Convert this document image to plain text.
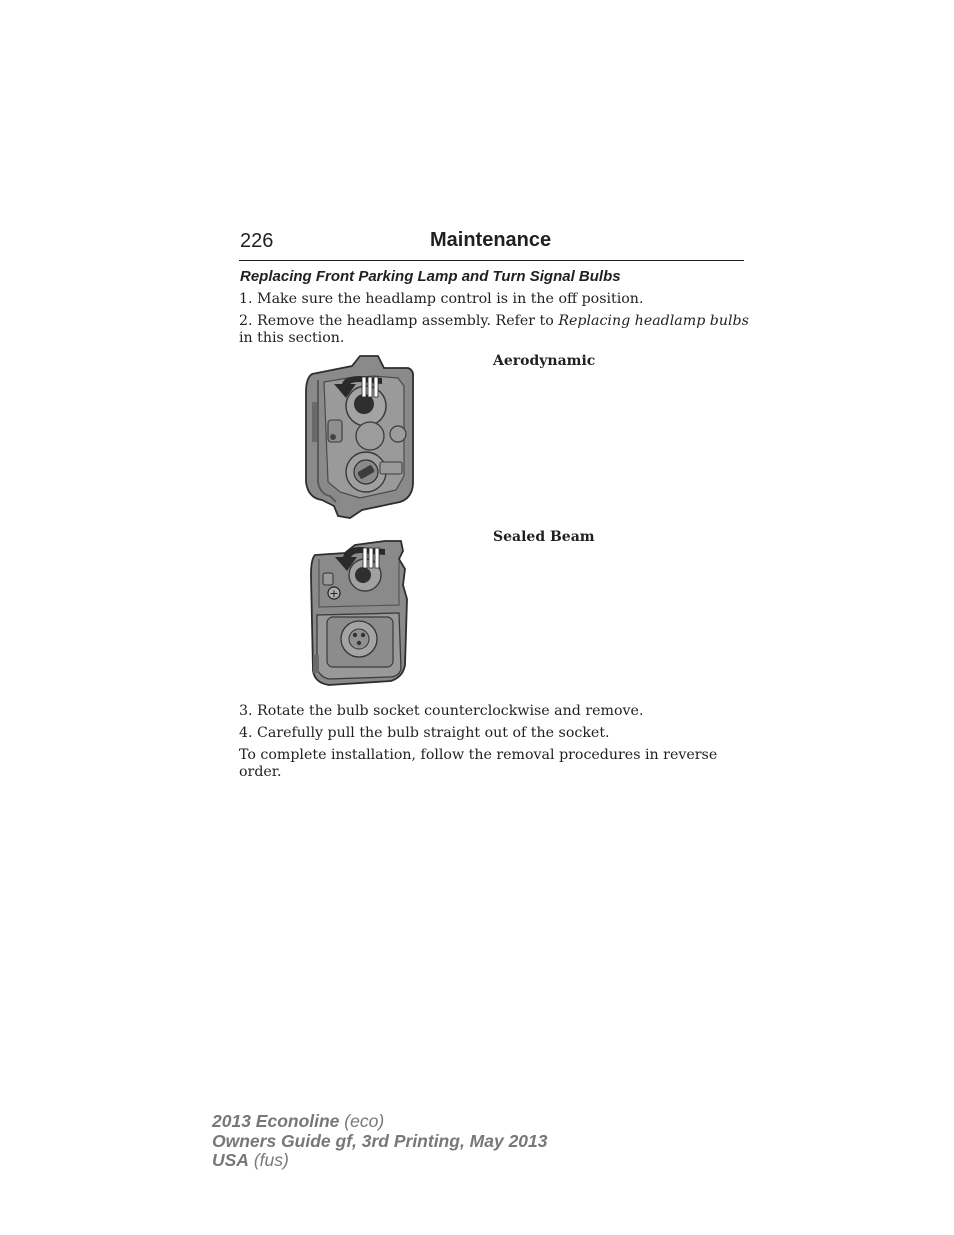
226	Maintenance
Replacing Front Parking Lamp and Turn Signal Bulbs
1. Make sure the headlamp control is in the off position.
2. Remove the headlamp assembly. Refer to Replacing headlamp bulbs
in this section.
Aerodynamic
+
Sealed Beam
3. Rotate the bulb socket counterclockwise and remove.
4. Carefully pull the bulb straight out of the socket.
To complete installation, follow the removal procedures in reverse order.
2013 Econoline (eco)
Owners Guide gf, 3rd Printing, May 2013
USA (fus)
